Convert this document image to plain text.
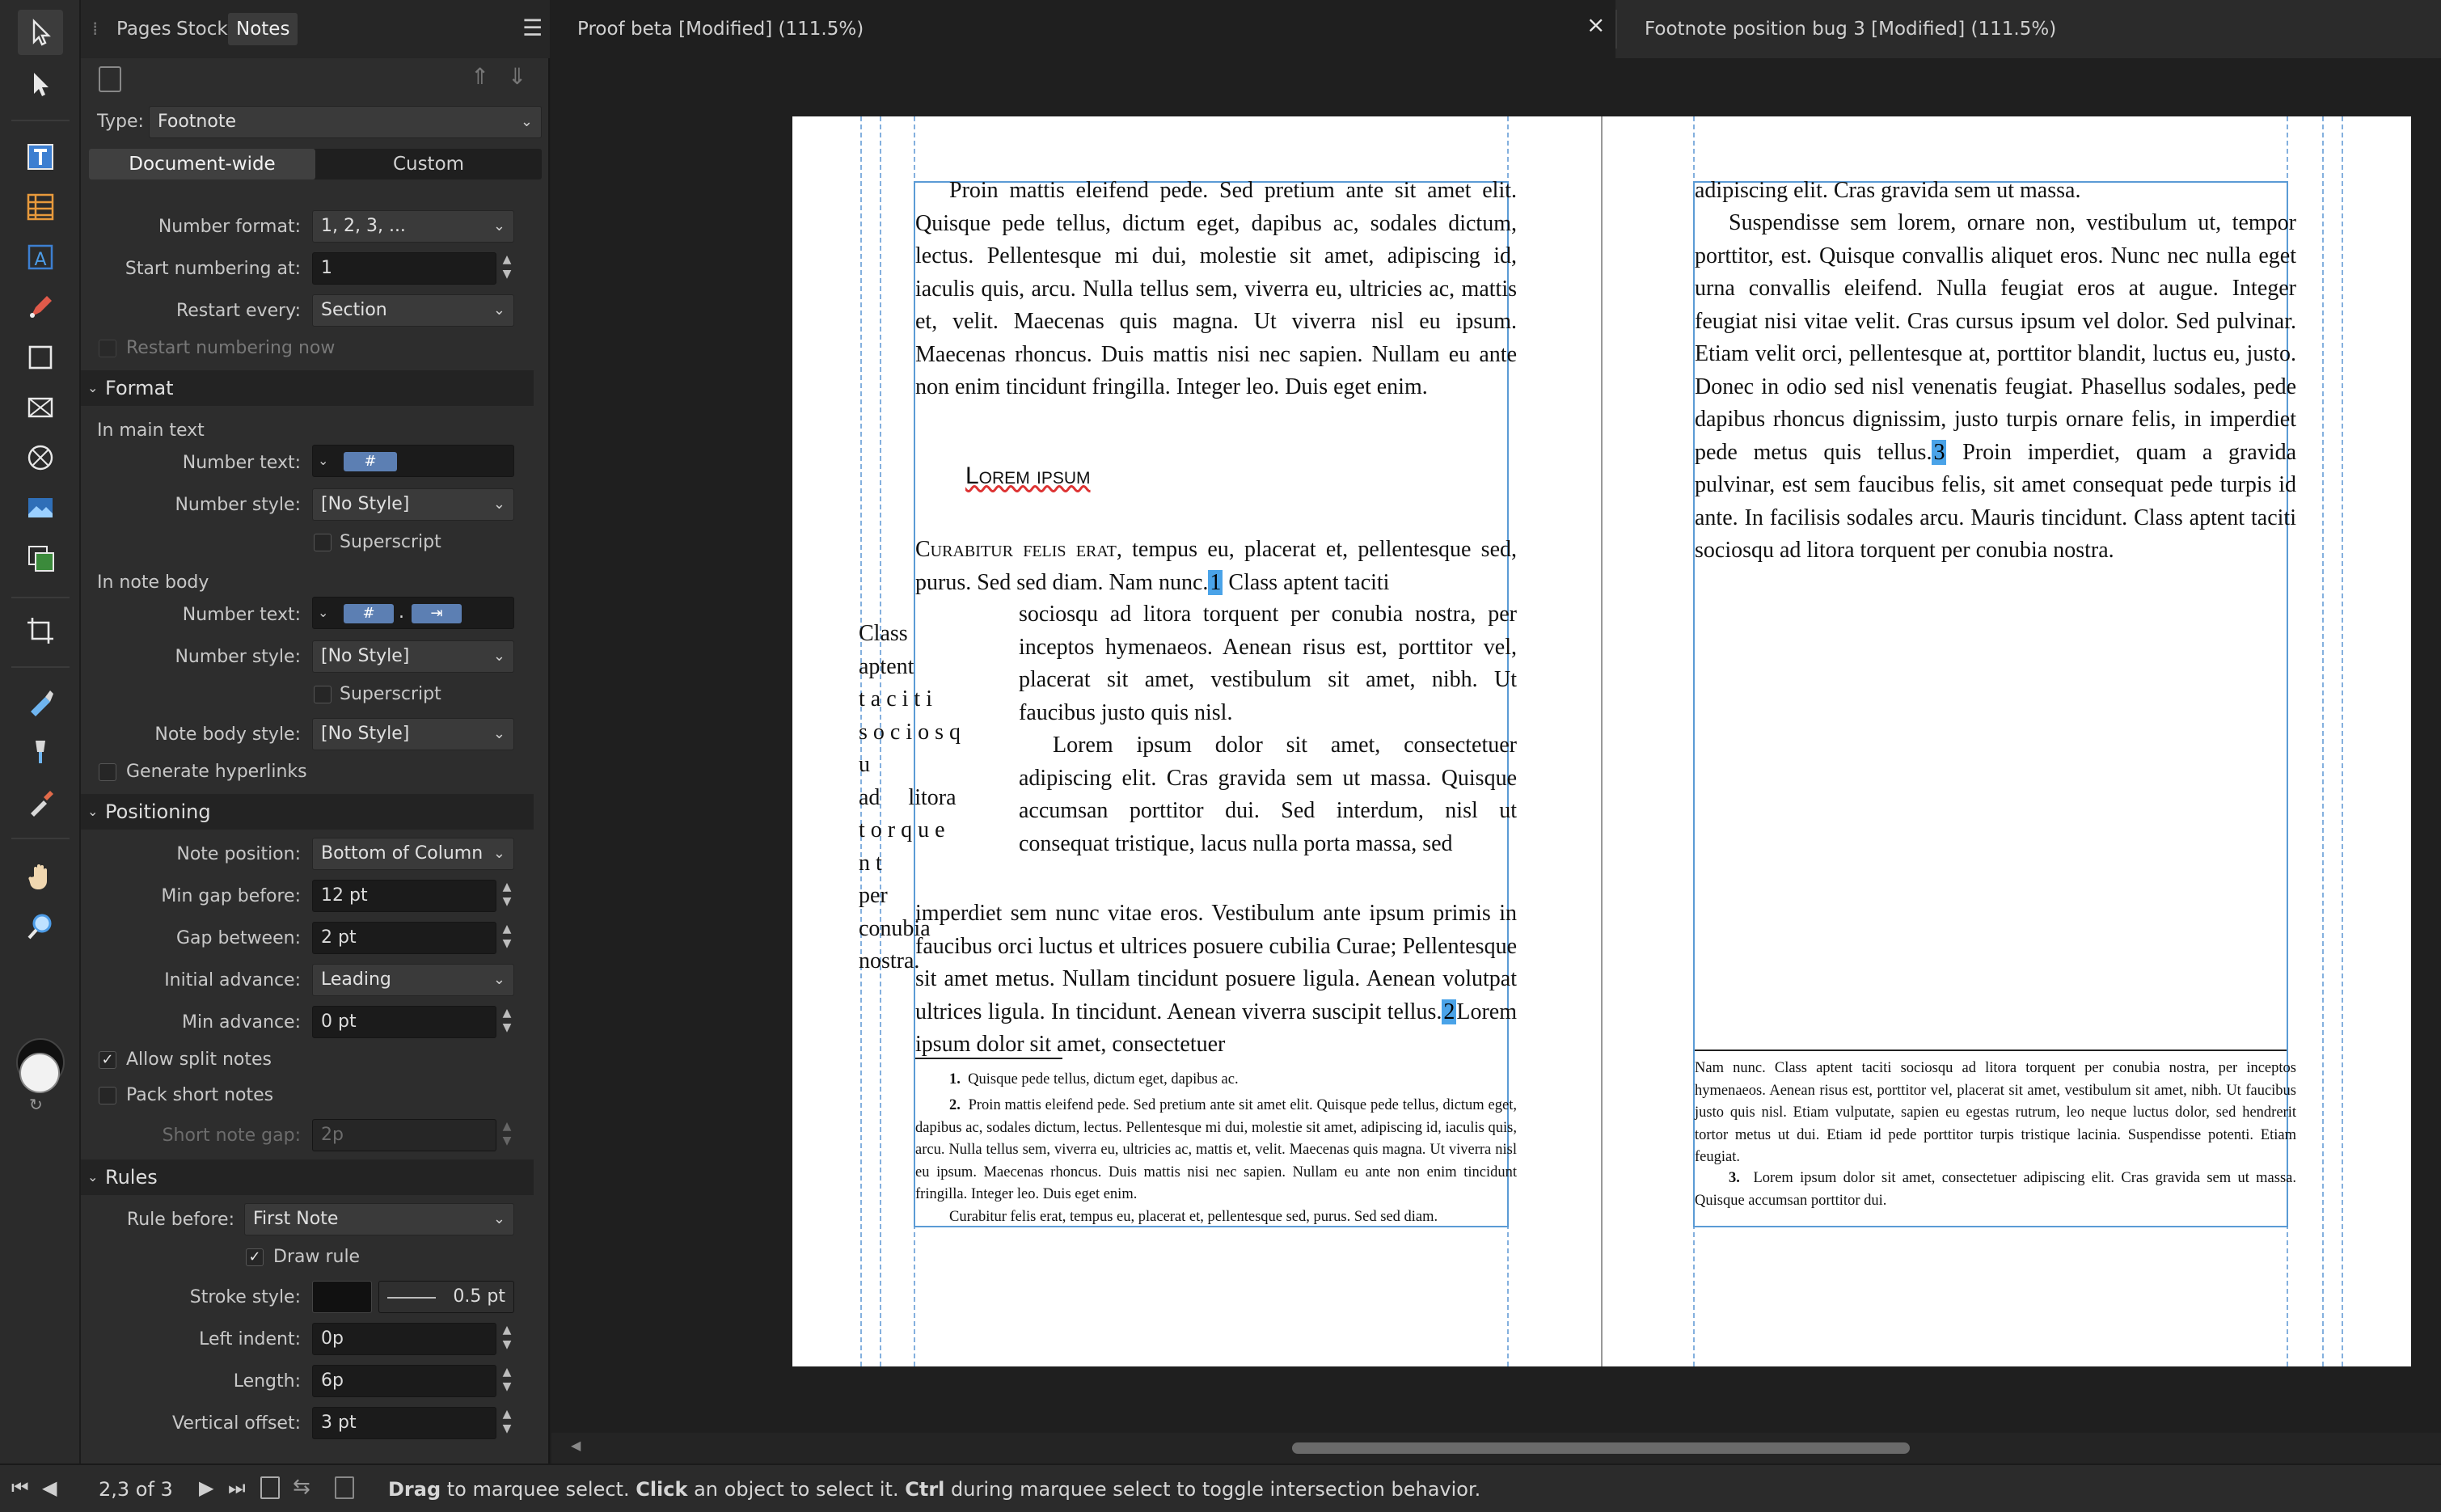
A
↻
⁞ Pages Stock Notes	☰
⇑ ⇓
Type: Footnote	⌄
Document-wide	Custom
Number format:	1, 2, 3, ...	⌄
Start numbering at:	1	▲
▼
Restart every:	Section	⌄
Restart numbering now
⌄ Format
In main text
Number text: ⌄	#
Number style:	[No Style]	⌄
Superscript
In note body
Number text: ⌄	#	.	⇥
Number style:	[No Style]	⌄
Superscript
Note body style:	[No Style]	⌄
Generate hyperlinks
⌄ Positioning
Note position:	Bottom of Column ⌄
Min gap before:	12 pt	▲
▼
Gap between:	2 pt	▲
▼
Initial advance:	Leading	⌄
Min advance:	0 pt	▲
▼
✓ Allow split notes
Pack short notes
Short note gap:	2p	▲
▼
⌄ Rules
Rule before:	First Note	⌄
✓ Draw rule
Stroke style:	0.5 pt
Left indent:	0p	▲
▼
Length:	6p	▲
▼
Vertical offset:	3 pt	▲
▼
Proof beta [Modified] (111.5%)	×	Footnote position bug 3 [Modified] (111.5%)
Proin mattis eleifend pede. Sed pretium ante sit amet elit. Quisque pede tellus, dictum eget, dapibus ac, sodales dictum, lectus. Pellentesque mi dui, molestie sit amet, adipiscing id, iaculis quis, arcu. Nulla tellus sem, viverra eu, ultricies ac, mattis et, velit. Maecenas quis magna. Ut viverra nisl eu ipsum. Maecenas rhoncus. Duis mattis nisi nec sapien. Nullam eu ante non enim tincidunt fringilla. Integer leo. Duis eget enim.
Lorem ipsum
Curabitur felis erat, tempus eu, placerat et, pellentesque sed, purus. Sed sed diam. Nam nunc.1 Class aptent taciti
sociosqu ad litora torquent per conubia nostra, per
inceptos hymenaeos. Aenean risus est, porttitor vel,
placerat sit amet, vestibulum sit amet, nibh. Ut
faucibus justo quis nisl.
Lorem ipsum dolor sit amet, consectetuer adipiscing elit. Cras gravida sem ut massa. Quisque accumsan porttitor dui. Sed interdum, nisl ut consequat tristique, lacus nulla porta massa, sed
imperdiet sem nunc vitae eros. Vestibulum ante ipsum primis in faucibus orci luctus et ultrices posuere cubilia Curae; Pellentesque sit amet metus. Nullam tincidunt posuere ligula. Aenean volutpat ultrices ligula. In tincidunt. Aenean viverra suscipit tellus.2Lorem ipsum dolor sit amet, consectetuer
Class aptent
t a c i t i
s o c i o s q u
ad     litora
t o r q u e n t
per conubia
nostra.
1. Quisque pede tellus, dictum eget, dapibus ac.
2. Proin mattis eleifend pede. Sed pretium ante sit amet elit. Quisque pede tellus, dictum eget, dapibus ac, sodales dictum, lectus. Pellentesque mi dui, molestie sit amet, adipiscing id, iaculis quis, arcu. Nulla tellus sem, viverra eu, ultricies ac, mattis et, velit. Maecenas quis magna. Ut viverra nisl eu ipsum. Maecenas rhoncus. Duis mattis nisi nec sapien. Nullam eu ante non enim tincidunt fringilla. Integer leo. Duis eget enim.
Curabitur felis erat, tempus eu, placerat et, pellentesque sed, purus. Sed sed diam.
adipiscing elit. Cras gravida sem ut massa.
Suspendisse sem lorem, ornare non, vestibulum ut, tempor porttitor, est. Quisque convallis aliquet eros. Nunc nec nulla eget urna convallis eleifend. Nulla feugiat eros at augue. Integer feugiat nisi vitae velit. Cras cursus ipsum vel dolor. Sed pulvinar. Etiam velit orci, pellentesque at, porttitor blandit, luctus eu, justo. Donec in odio sed nisl venenatis feugiat. Phasellus sodales, pede dapibus rhoncus dignissim, justo turpis ornare felis, in imperdiet pede metus quis tellus.3 Proin imperdiet, quam a gravida pulvinar, est sem faucibus felis, sit amet consequat pede turpis id ante. In facilisis sodales arcu. Mauris tincidunt. Class aptent taciti sociosqu ad litora torquent per conubia nostra.
Nam nunc. Class aptent taciti sociosqu ad litora torquent per conubia nostra, per inceptos hymenaeos. Aenean risus est, porttitor vel, placerat sit amet, vestibulum sit amet, nibh. Ut faucibus justo quis nisl. Etiam vulputate, sapien eu egestas rutrum, leo neque luctus dolor, sed hendrerit tortor metus ut dui. Etiam id pede porttitor turpis tristique lacinia. Suspendisse potenti. Etiam feugiat.
3. Lorem ipsum dolor sit amet, consectetuer adipiscing elit. Cras gravida sem ut massa. Quisque accumsan porttitor dui.
◀
⏮ ◀ 2,3 of 3 ▶ ⏭ ⇆	Drag to marquee select. Click an object to select it. Ctrl during marquee select to toggle intersection behavior.
